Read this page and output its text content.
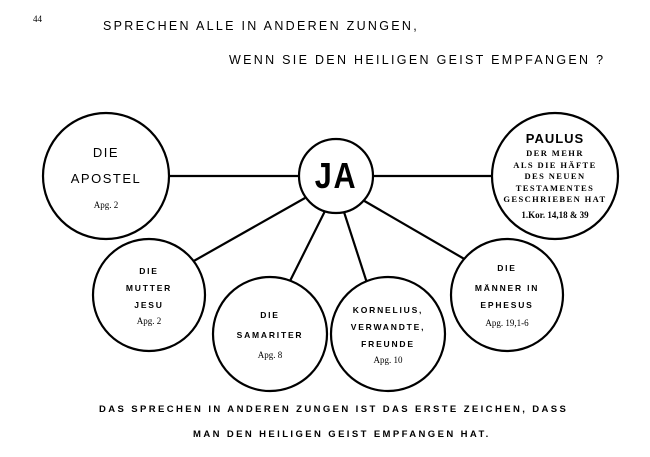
44	SPRECHEN ALLE IN ANDEREN ZUNGEN,
WENN SIE DEN HEILIGEN GEIST EMPFANGEN ?
JA
DIE
APOSTEL
Apg. 2
PAULUS
DER MEHR
ALS DIE HÄFTE
DES NEUEN
TESTAMENTES
GESCHRIEBEN HAT
1.Kor. 14,18 & 39
DIE
MUTTER
JESU
Apg. 2
DIE
SAMARITER
Apg. 8
KORNELIUS,
VERWANDTE,
FREUNDE
Apg. 10
DIE
MÄNNER IN
EPHESUS
Apg. 19,1-6
DAS SPRECHEN IN ANDEREN ZUNGEN IST DAS ERSTE ZEICHEN, DASS
MAN DEN HEILIGEN GEIST EMPFANGEN HAT.
